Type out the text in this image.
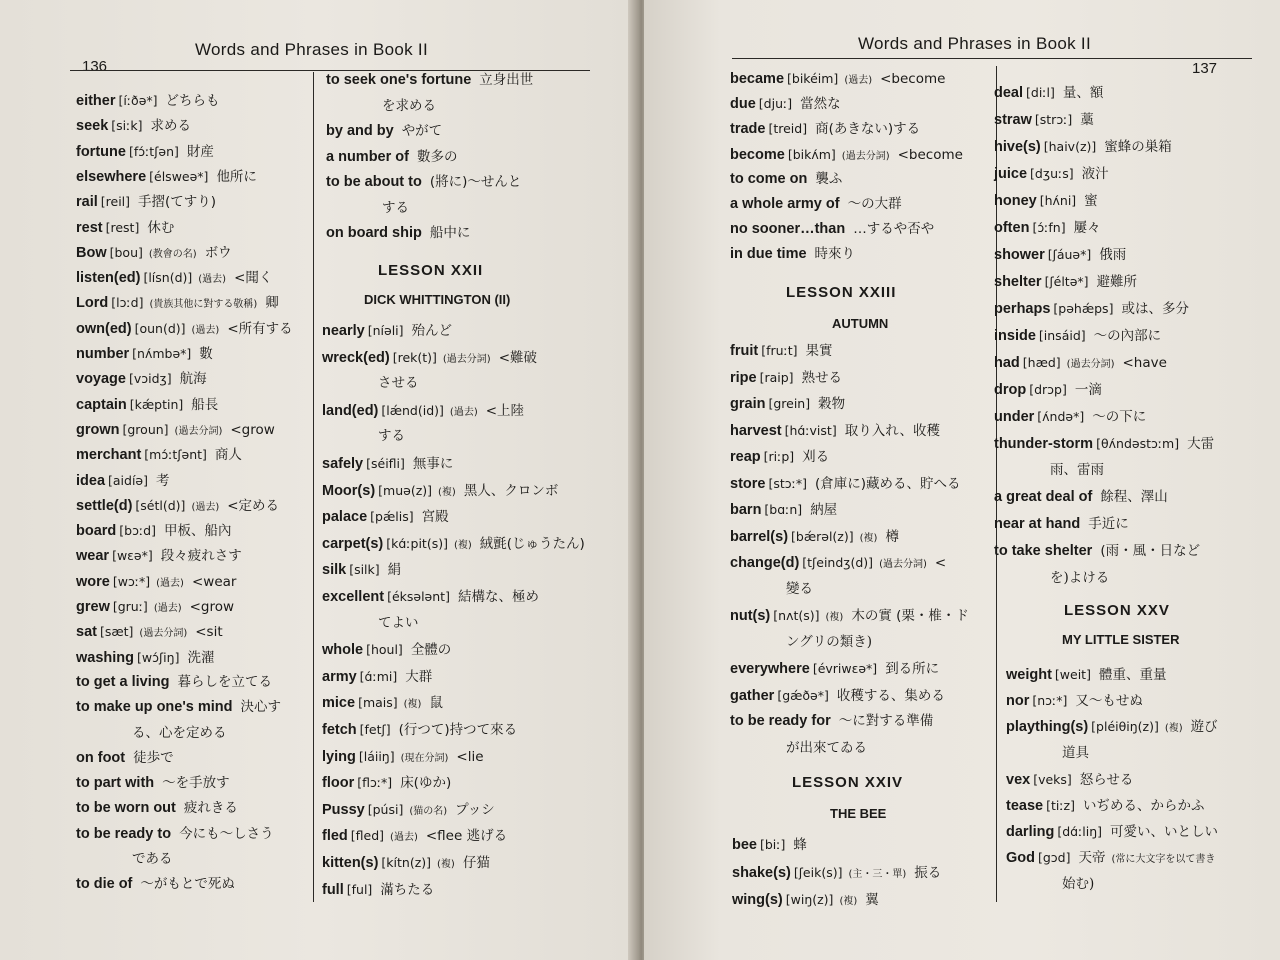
136
Words and Phrases in Book II
either [íːðə*] どちらも
seek [siːk] 求める
fortune [fɔ́ːtʃən] 財産
elsewhere [élsweə*] 他所に
rail [reil] 手摺(てすり)
rest [rest] 休む
Bow [bou] (教會の名) ボウ
listen(ed) [lísn(d)] (過去) <聞く
Lord [lɔːd] (貴族其他に對する敬稱) 卿
own(ed) [oun(d)] (過去) <所有する
number [nʌ́mbə*] 數
voyage [vɔidʒ] 航海
captain [kǽptin] 船長
grown [groun] (過去分詞) <grow
merchant [mɔ́ːtʃənt] 商人
idea [aidíə] 考
settle(d) [sétl(d)] (過去) <定める
board [bɔːd] 甲板、船內
wear [wɛə*] 段々疲れさす
wore [wɔː*] (過去) <wear
grew [gruː] (過去) <grow
sat [sæt] (過去分詞) <sit
washing [wɔ́ʃiŋ] 洗濯
to get a living 暮らしを立てる
to make up one's mind 決心す
る、心を定める
on foot 徒歩で
to part with 〜を手放す
to be worn out 疲れきる
to be ready to 今にも〜しさう
である
to die of 〜がもとで死ぬ
to seek one's fortune 立身出世
を求める
by and by やがて
a number of 數多の
to be about to (將に)〜せんと
する
on board ship 船中に
LESSON XXII
DICK WHITTINGTON (II)
nearly [níəli] 殆んど
wreck(ed) [rek(t)] (過去分詞) <難破
させる
land(ed) [lǽnd(id)] (過去) <上陸
する
safely [séifli] 無事に
Moor(s) [muə(z)] (複) 黑人、クロンボ
palace [pǽlis] 宮殿
carpet(s) [kɑ́ːpit(s)] (複) 絨氈(じゅうたん)
silk [silk] 絹
excellent [éksələnt] 結構な、極め
てよい
whole [houl] 全體の
army [ɑ́ːmi] 大群
mice [mais] (複) 鼠
fetch [fetʃ] (行つて)持つて來る
lying [láiiŋ] (現在分詞) <lie
floor [flɔː*] 床(ゆか)
Pussy [púsi] (猫の名) プッシ
fled [fled] (過去) <flee 逃げる
kitten(s) [kítn(z)] (複) 仔猫
full [ful] 滿ちたる
Words and Phrases in Book II
137
became [bikéim] (過去) <become
due [djuː] 當然な
trade [treid] 商(あきない)する
become [bikʌ́m] (過去分詞) <become
to come on 襲ふ
a whole army of 〜の大群
no sooner…than …するや否や
in due time 時來り
LESSON XXIII
AUTUMN
fruit [fruːt] 果實
ripe [raip] 熟せる
grain [grein] 穀物
harvest [hɑ́ːvist] 取り入れ、收穫
reap [riːp] 刈る
store [stɔː*] (倉庫に)藏める、貯へる
barn [bɑːn] 納屋
barrel(s) [bǽrəl(z)] (複) 樽
change(d) [tʃeindʒ(d)] (過去分詞) <
變る
nut(s) [nʌt(s)] (複) 木の實 (栗・椎・ド
ングリの類き)
everywhere [évriwɛə*] 到る所に
gather [gǽðə*] 收穫する、集める
to be ready for 〜に對する準備
が出來てゐる
LESSON XXIV
THE BEE
bee [biː] 蜂
shake(s) [ʃeik(s)] (主・三・單) 振る
wing(s) [wiŋ(z)] (複) 翼
deal [diːl] 量、額
straw [strɔː] 藁
hive(s) [haiv(z)] 蜜蜂の巣箱
juice [dʒuːs] 液汁
honey [hʌ́ni] 蜜
often [ɔ́ːfn] 屢々
shower [ʃáuə*] 俄雨
shelter [ʃéltə*] 避難所
perhaps [pəhǽps] 或は、多分
inside [insáid] 〜の內部に
had [hæd] (過去分詞) <have
drop [drɔp] 一滴
under [ʌ́ndə*] 〜の下に
thunder-storm [θʌ́ndəstɔːm] 大雷
雨、雷雨
a great deal of 餘程、澤山
near at hand 手近に
to take shelter (雨・風・日など
を)よける
LESSON XXV
MY LITTLE SISTER
weight [weit] 體重、重量
nor [nɔː*] 又〜もせぬ
plaything(s) [pléiθiŋ(z)] (複) 遊び
道具
vex [veks] 怒らせる
tease [tiːz] いぢめる、からかふ
darling [dɑ́ːliŋ] 可愛い、いとしい
God [gɔd] 天帝 (常に大文字を以て書き
始む)
